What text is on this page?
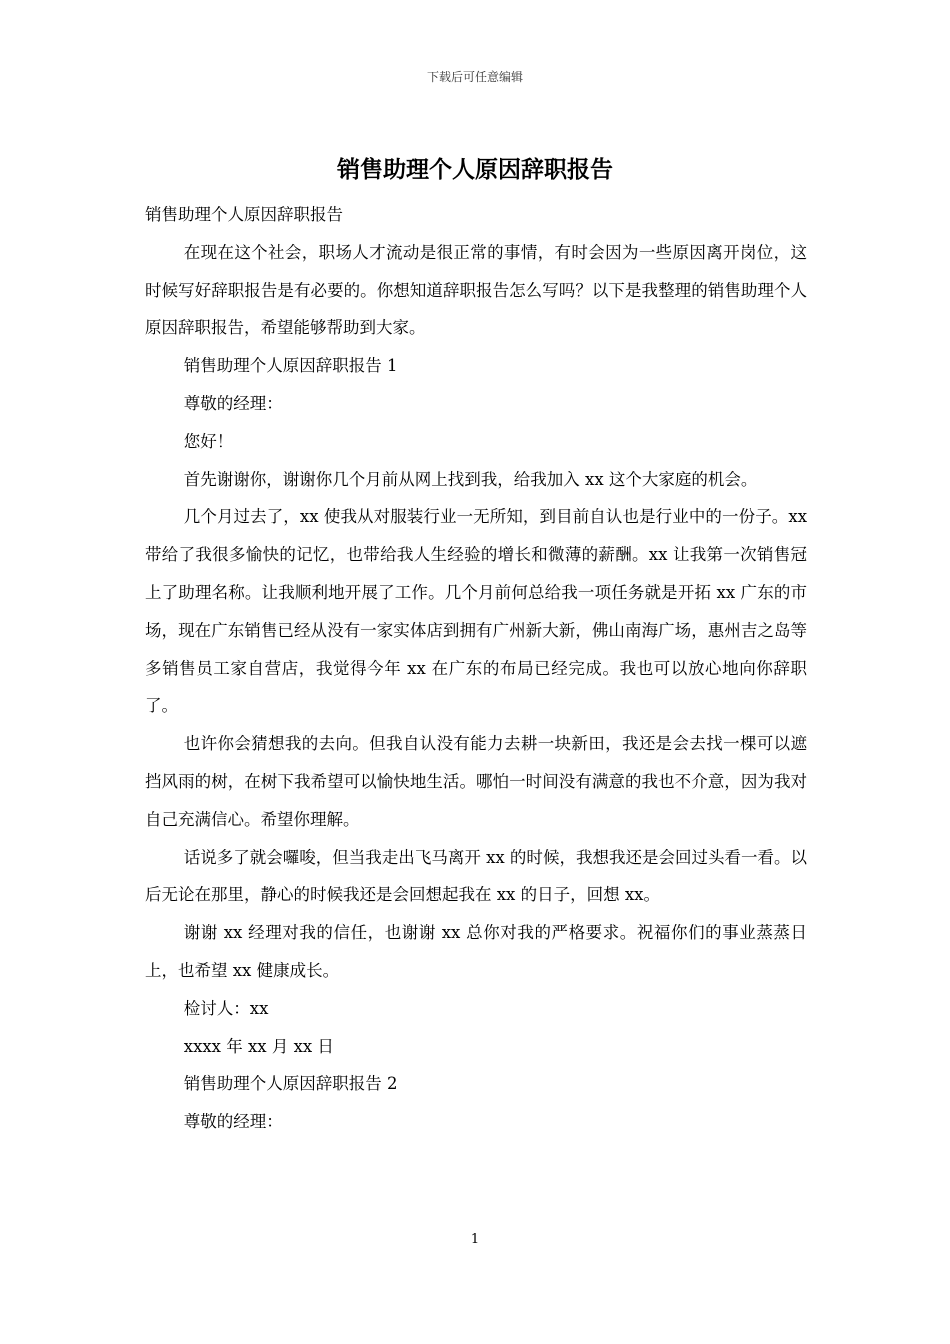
下载后可任意编辑
销售助理个人原因辞职报告

销售助理个人原因辞职报告

在现在这个社会，职场人才流动是很正常的事情，有时会因为一些原因离开岗位，这时候写好辞职报告是有必要的。你想知道辞职报告怎么写吗？以下是我整理的销售助理个人原因辞职报告，希望能够帮助到大家。

销售助理个人原因辞职报告 1

尊敬的经理：

您好！

首先谢谢你，谢谢你几个月前从网上找到我，给我加入 xx 这个大家庭的机会。

几个月过去了，xx 使我从对服装行业一无所知，到目前自认也是行业中的一份子。xx 带给了我很多愉快的记忆，也带给我人生经验的增长和微薄的薪酬。xx 让我第一次销售冠上了助理名称。让我顺利地开展了工作。几个月前何总给我一项任务就是开拓 xx 广东的市场，现在广东销售已经从没有一家实体店到拥有广州新大新，佛山南海广场，惠州吉之岛等多销售员工家自营店，我觉得今年 xx 在广东的布局已经完成。我也可以放心地向你辞职了。

也许你会猜想我的去向。但我自认没有能力去耕一块新田，我还是会去找一棵可以遮挡风雨的树，在树下我希望可以愉快地生活。哪怕一时间没有满意的我也不介意，因为我对自己充满信心。希望你理解。

话说多了就会囉唆，但当我走出飞马离开 xx 的时候，我想我还是会回过头看一看。以后无论在那里，静心的时候我还是会回想起我在 xx 的日子，回想 xx。

谢谢 xx 经理对我的信任，也谢谢 xx 总你对我的严格要求。祝福你们的事业蒸蒸日上，也希望 xx 健康成长。

检讨人：xx

xxxx 年 xx 月 xx 日

销售助理个人原因辞职报告 2

尊敬的经理：

1
